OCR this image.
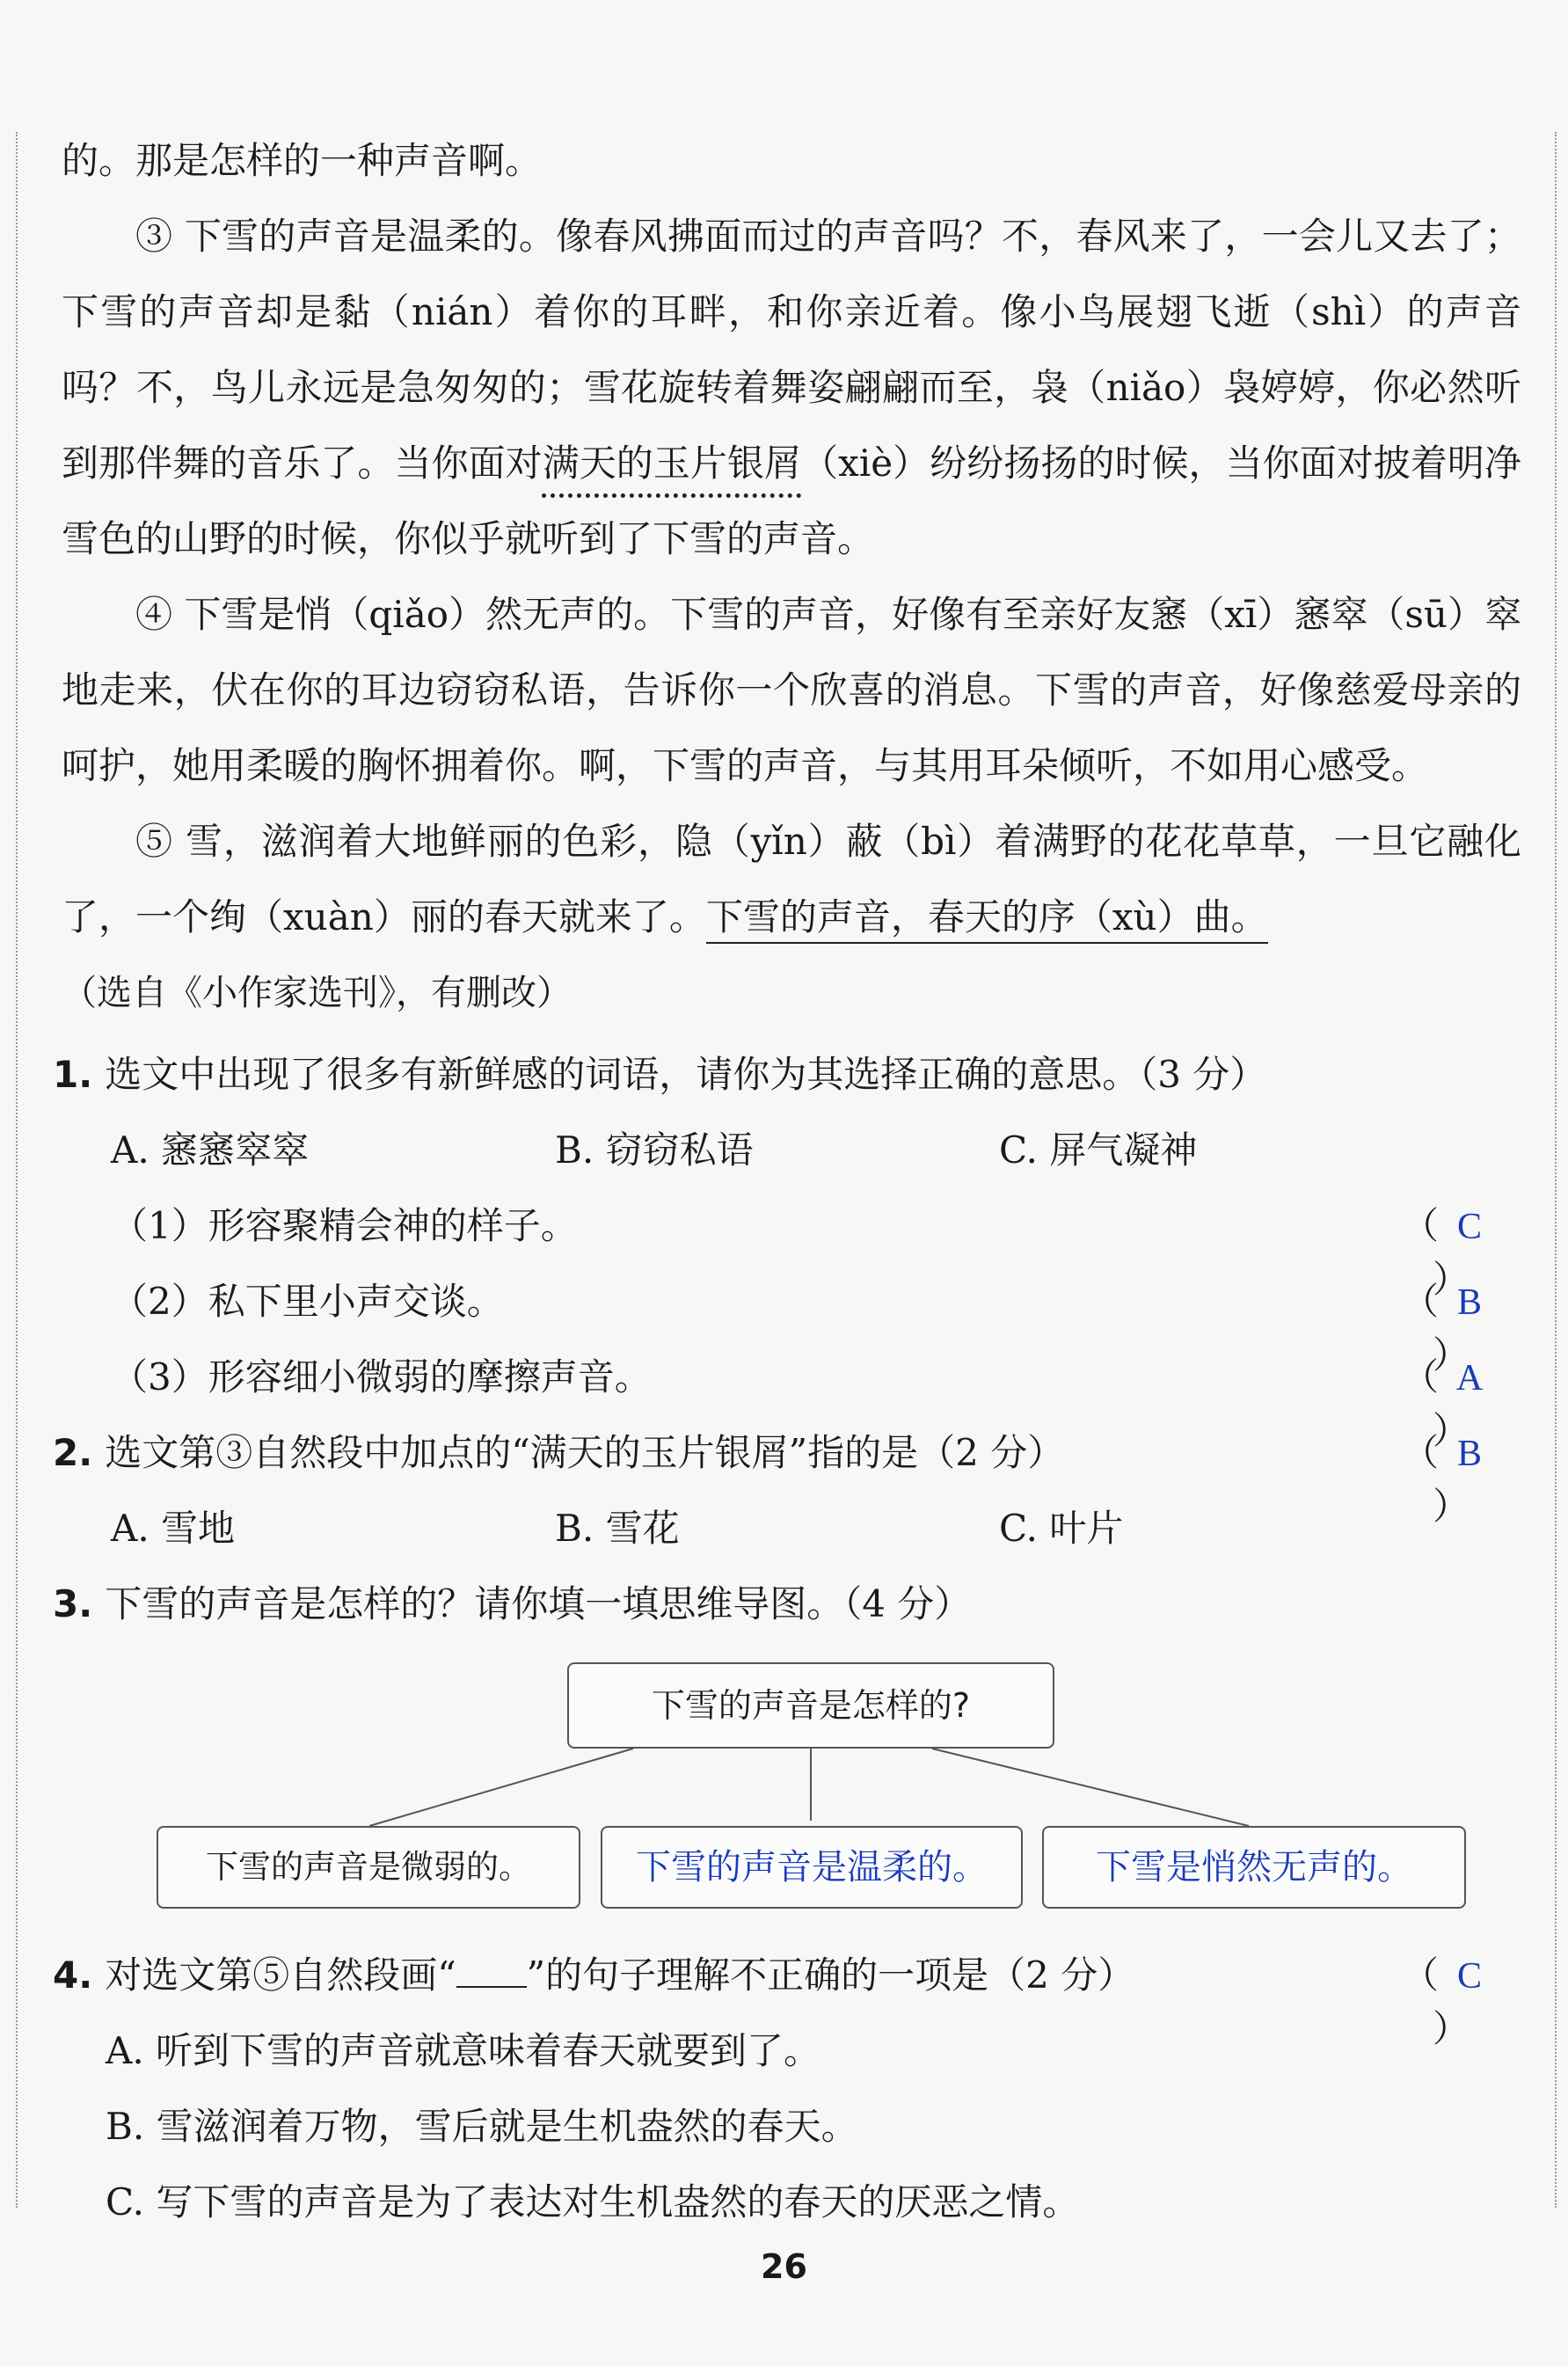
的。那是怎样的一种声音啊。

③ 下雪的声音是温柔的。像春风拂面而过的声音吗？不，春风来了，一会儿又去了；下雪的声音却是黏（nián）着你的耳畔，和你亲近着。像小鸟展翅飞逝（shì）的声音吗？不，鸟儿永远是急匆匆的；雪花旋转着舞姿翩翩而至，袅（niǎo）袅婷婷，你必然听到那伴舞的音乐了。当你面对满天的玉片银屑（xiè）纷纷扬扬的时候，当你面对披着明净雪色的山野的时候，你似乎就听到了下雪的声音。

④ 下雪是悄（qiǎo）然无声的。下雪的声音，好像有至亲好友窸（xī）窸窣（sū）窣地走来，伏在你的耳边窃窃私语，告诉你一个欣喜的消息。下雪的声音，好像慈爱母亲的呵护，她用柔暖的胸怀拥着你。啊，下雪的声音，与其用耳朵倾听，不如用心感受。

⑤ 雪，滋润着大地鲜丽的色彩，隐（yǐn）蔽（bì）着满野的花花草草，一旦它融化了，一个绚（xuàn）丽的春天就来了。下雪的声音，春天的序（xù）曲。

（选自《小作家选刊》，有删改）

1. 选文中出现了很多有新鲜感的词语，请你为其选择正确的意思。（3 分）
A. 窸窸窣窣	B. 窃窃私语	C. 屏气凝神
（1）形容聚精会神的样子。	（ C）
（2）私下里小声交谈。	（ B）
（3）形容细小微弱的摩擦声音。	（ A）
2. 选文第③自然段中加点的“满天的玉片银屑”指的是（2 分）	（ B）
A. 雪地	B. 雪花	C. 叶片
3. 下雪的声音是怎样的？请你填一填思维导图。（4 分）
下雪的声音是怎样的?
下雪的声音是微弱的。	下雪的声音是温柔的。	下雪是悄然无声的。
4. 对选文第⑤自然段画“ ”的句子理解不正确的一项是（2 分）	（ C）
A. 听到下雪的声音就意味着春天就要到了。
B. 雪滋润着万物，雪后就是生机盎然的春天。
C. 写下雪的声音是为了表达对生机盎然的春天的厌恶之情。
26
